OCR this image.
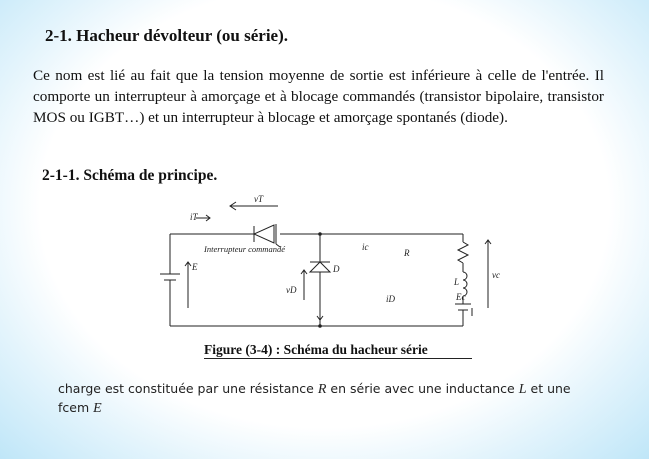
2-1. Hacheur dévolteur (ou série).
Ce nom est lié au fait que la tension moyenne de sortie est inférieure à celle de l'entrée. Il comporte un interrupteur à amorçage et à blocage commandés (transistor bipolaire, transistor MOS ou IGBT…) et un interrupteur à blocage et amorçage spontanés (diode).
2-1-1. Schéma de principe.
vT
iT
Interrupteur commandé	ic
R
E	D
L
vD
iD	Ec
vc
Figure (3-4) : Schéma du hacheur série
charge est constituée par une résistance R en série avec une inductance L et une
fcem E
